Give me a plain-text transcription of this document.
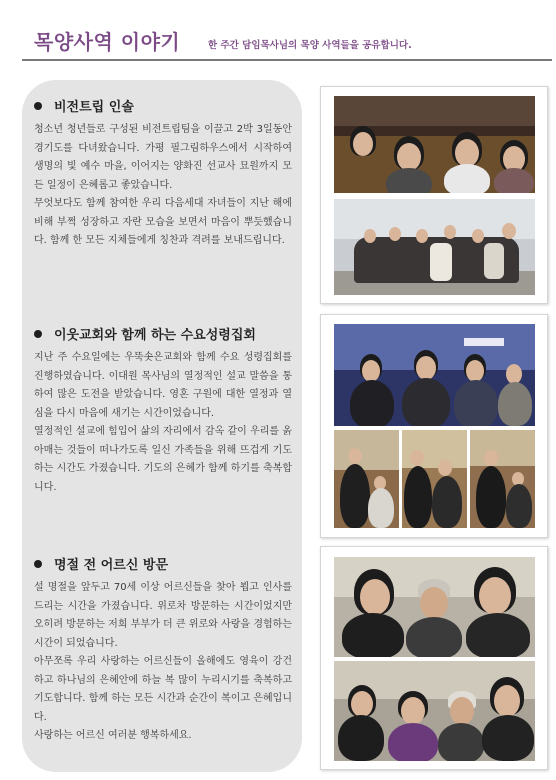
목양사역 이야기	한 주간 담임목사님의 목양 사역들을 공유합니다.
비전트립 인솔

청소년 청년들로 구성된 비전트립팀을 이끌고 2박 3일동안 경기도를 다녀왔습니다. 가평 필그림하우스에서 시작하여 생명의 빛 예수 마을, 이어지는 양화진 선교사 묘원까지 모든 일정이 은혜롭고 좋았습니다.

무엇보다도 함께 참여한 우리 다음세대 자녀들이 지난 해에 비해 부쩍 성장하고 자란 모습을 보면서 마음이 뿌듯했습니다. 함께 한 모든 지체들에게 칭찬과 격려를 보내드립니다.

이웃교회와 함께 하는 수요성령집회

지난 주 수요일에는 우뚝솟은교회와 함께 수요 성령집회를 진행하였습니다. 이대원 목사님의 열정적인 설교 말씀을 통하여 많은 도전을 받았습니다. 영혼 구원에 대한 열정과 열심을 다시 마음에 새기는 시간이었습니다.

열정적인 설교에 힘입어 삶의 자리에서 감옥 같이 우리를 옭아매는 것들이 떠나가도록 일신 가족들을 위해 뜨겁게 기도하는 시간도 가졌습니다. 기도의 은혜가 함께 하기를 축복합니다.

명절 전 어르신 방문

설 명절을 앞두고 70세 이상 어르신들을 찾아 뵙고 인사를 드리는 시간을 가졌습니다. 위로차 방문하는 시간이었지만 오히려 방문하는 저희 부부가 더 큰 위로와 사랑을 경험하는 시간이 되었습니다.

아무쪼록 우리 사랑하는 어르신들이 올해에도 영육이 강건하고 하나님의 은혜안에 하늘 복 많이 누리시기를 축복하고 기도합니다. 함께 하는 모든 시간과 순간이 복이고 은혜입니다.

사랑하는 어르신 여러분 행복하세요.
